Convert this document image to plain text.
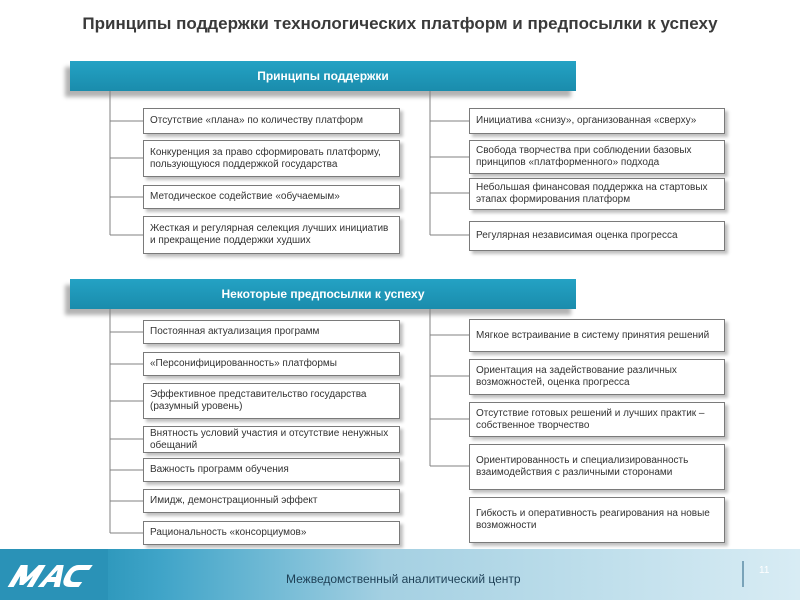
Принципы поддержки технологических платформ и предпосылки к успеху
Принципы поддержки
Некоторые предпосылки к успеху
Отсутствие «плана» по количеству платформ
Конкуренция за право сформировать платформу, пользующуюся поддержкой государства
Методическое содействие «обучаемым»
Жесткая и регулярная селекция лучших инициатив и прекращение поддержки худших
Инициатива «снизу», организованная «сверху»
Свобода творчества при соблюдении базовых принципов «платформенного» подхода
Небольшая финансовая поддержка на стартовых этапах формирования платформ
Регулярная независимая оценка прогресса
Постоянная актуализация программ
«Персонифицированность» платформы
Эффективное представительство государства (разумный уровень)
Внятность условий участия и отсутствие ненужных обещаний
Важность программ обучения
Имидж, демонстрационный эффект
Рациональность «консорциумов»
Мягкое встраивание в систему принятия решений
Ориентация на задействование различных возможностей, оценка прогресса
Отсутствие готовых решений и лучших практик – собственное творчество
Ориентированность и специализированность взаимодействия с различными сторонами
Гибкость и оперативность реагирования на новые возможности
Межведомственный аналитический центр
11
